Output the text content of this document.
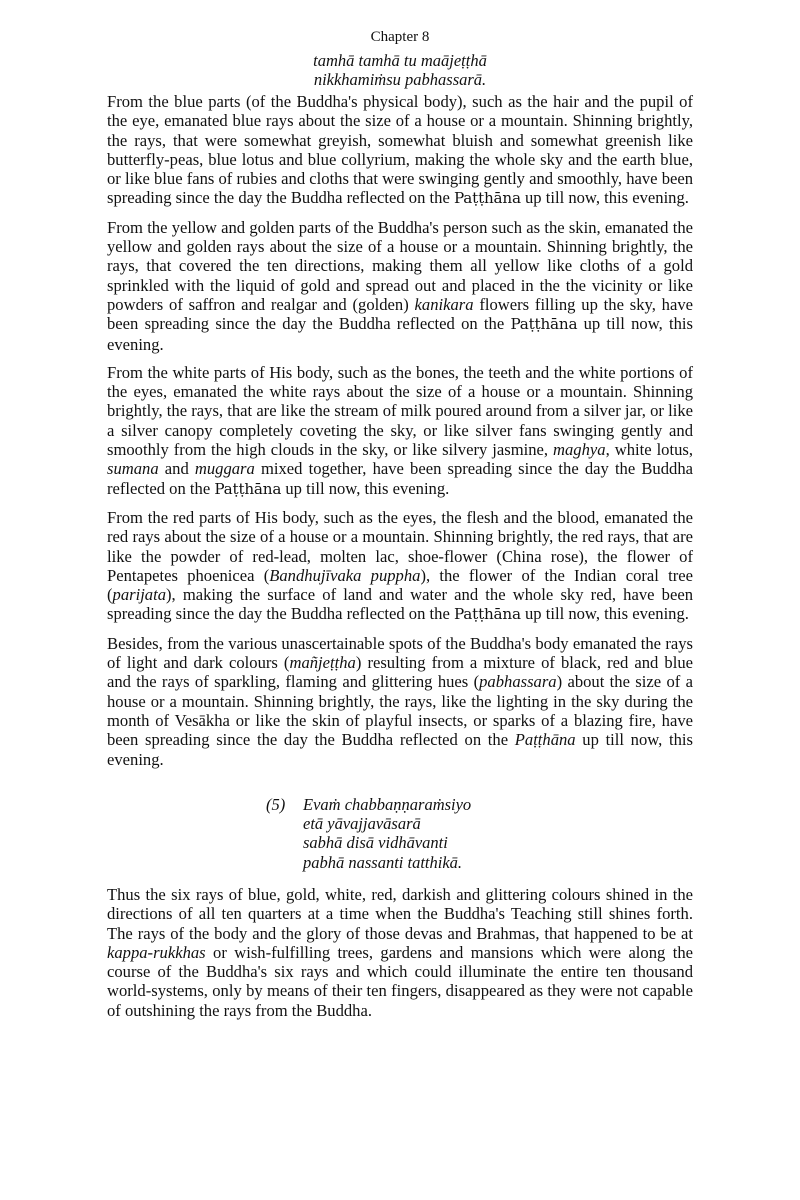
Chapter 8
tamhā tamhā tu maājeṭṭhā
nikkhamiṁsu pabhassarā.

From the blue parts (of the Buddha's physical body), such as the hair and the pupil of the eye, emanated blue rays about the size of a house or a mountain. Shinning brightly, the rays, that were somewhat greyish, somewhat bluish and somewhat greenish like butterfly-peas, blue lotus and blue collyrium, making the whole sky and the earth blue, or like blue fans of rubies and cloths that were swinging gently and smoothly, have been spreading since the day the Buddha reflected on the Paṭṭhāna up till now, this evening.

From the yellow and golden parts of the Buddha's person such as the skin, emanated the yellow and golden rays about the size of a house or a mountain. Shinning brightly, the rays, that covered the ten directions, making them all yellow like cloths of a gold sprinkled with the liquid of gold and spread out and placed in the the vicinity or like powders of saffron and realgar and (golden) kanikara flowers filling up the sky, have been spreading since the day the Buddha reflected on the Paṭṭhāna up till now, this evening.

From the white parts of His body, such as the bones, the teeth and the white portions of the eyes, emanated the white rays about the size of a house or a mountain. Shinning brightly, the rays, that are like the stream of milk poured around from a silver jar, or like a silver canopy completely coveting the sky, or like silver fans swinging gently and smoothly from the high clouds in the sky, or like silvery jasmine, maghya, white lotus, sumana and muggara mixed together, have been spreading since the day the Buddha reflected on the Paṭṭhāna up till now, this evening.

From the red parts of His body, such as the eyes, the flesh and the blood, emanated the red rays about the size of a house or a mountain. Shinning brightly, the red rays, that are like the powder of red-lead, molten lac, shoe-flower (China rose), the flower of Pentapetes phoenicea (Bandhujīvaka puppha), the flower of the Indian coral tree (parijata), making the surface of land and water and the whole sky red, have been spreading since the day the Buddha reflected on the Paṭṭhāna up till now, this evening.

Besides, from the various unascertainable spots of the Buddha's body emanated the rays of light and dark colours (mañjeṭṭha) resulting from a mixture of black, red and blue and the rays of sparkling, flaming and glittering hues (pabhassara) about the size of a house or a mountain. Shinning brightly, the rays, like the lighting in the sky during the month of Vesākha or like the skin of playful insects, or sparks of a blazing fire, have been spreading since the day the Buddha reflected on the Paṭṭhāna up till now, this evening.

(5)	Evaṁ chabbaṇṇaraṁsiyo
etā yāvajjavāsarā
sabhā disā vidhāvanti
pabhā nassanti tatthikā.

Thus the six rays of blue, gold, white, red, darkish and glittering colours shined in the directions of all ten quarters at a time when the Buddha's Teaching still shines forth. The rays of the body and the glory of those devas and Brahmas, that happened to be at kappa-rukkhas or wish-fulfilling trees, gardens and mansions which were along the course of the Buddha's six rays and which could illuminate the entire ten thousand world-systems, only by means of their ten fingers, disappeared as they were not capable of outshining the rays from the Buddha.
